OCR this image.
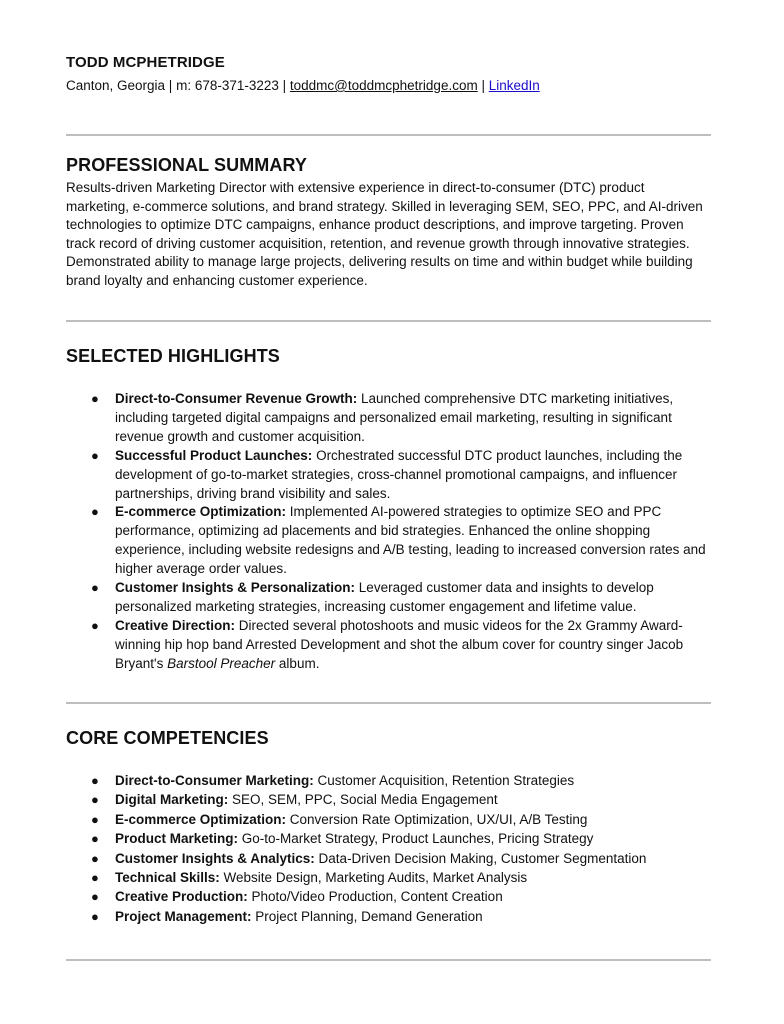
TODD MCPHETRIDGE
Canton, Georgia | m: 678-371-3223 | toddmc@toddmcphetridge.com | LinkedIn
PROFESSIONAL SUMMARY

Results-driven Marketing Director with extensive experience in direct-to-consumer (DTC) product marketing, e-commerce solutions, and brand strategy. Skilled in leveraging SEM, SEO, PPC, and AI-driven technologies to optimize DTC campaigns, enhance product descriptions, and improve targeting. Proven track record of driving customer acquisition, retention, and revenue growth through innovative strategies. Demonstrated ability to manage large projects, delivering results on time and within budget while building brand loyalty and enhancing customer experience.

SELECTED HIGHLIGHTS
● Direct-to-Consumer Revenue Growth: Launched comprehensive DTC marketing initiatives, including targeted digital campaigns and personalized email marketing, resulting in significant revenue growth and customer acquisition.
● Successful Product Launches: Orchestrated successful DTC product launches, including the development of go-to-market strategies, cross-channel promotional campaigns, and influencer partnerships, driving brand visibility and sales.
● E-commerce Optimization: Implemented AI-powered strategies to optimize SEO and PPC performance, optimizing ad placements and bid strategies. Enhanced the online shopping experience, including website redesigns and A/B testing, leading to increased conversion rates and higher average order values.
● Customer Insights & Personalization: Leveraged customer data and insights to develop personalized marketing strategies, increasing customer engagement and lifetime value.
● Creative Direction: Directed several photoshoots and music videos for the 2x Grammy Award-winning hip hop band Arrested Development and shot the album cover for country singer Jacob Bryant's Barstool Preacher album.
CORE COMPETENCIES
● Direct-to-Consumer Marketing: Customer Acquisition, Retention Strategies
● Digital Marketing: SEO, SEM, PPC, Social Media Engagement
● E-commerce Optimization: Conversion Rate Optimization, UX/UI, A/B Testing
● Product Marketing: Go-to-Market Strategy, Product Launches, Pricing Strategy
● Customer Insights & Analytics: Data-Driven Decision Making, Customer Segmentation
● Technical Skills: Website Design, Marketing Audits, Market Analysis
● Creative Production: Photo/Video Production, Content Creation
● Project Management: Project Planning, Demand Generation
